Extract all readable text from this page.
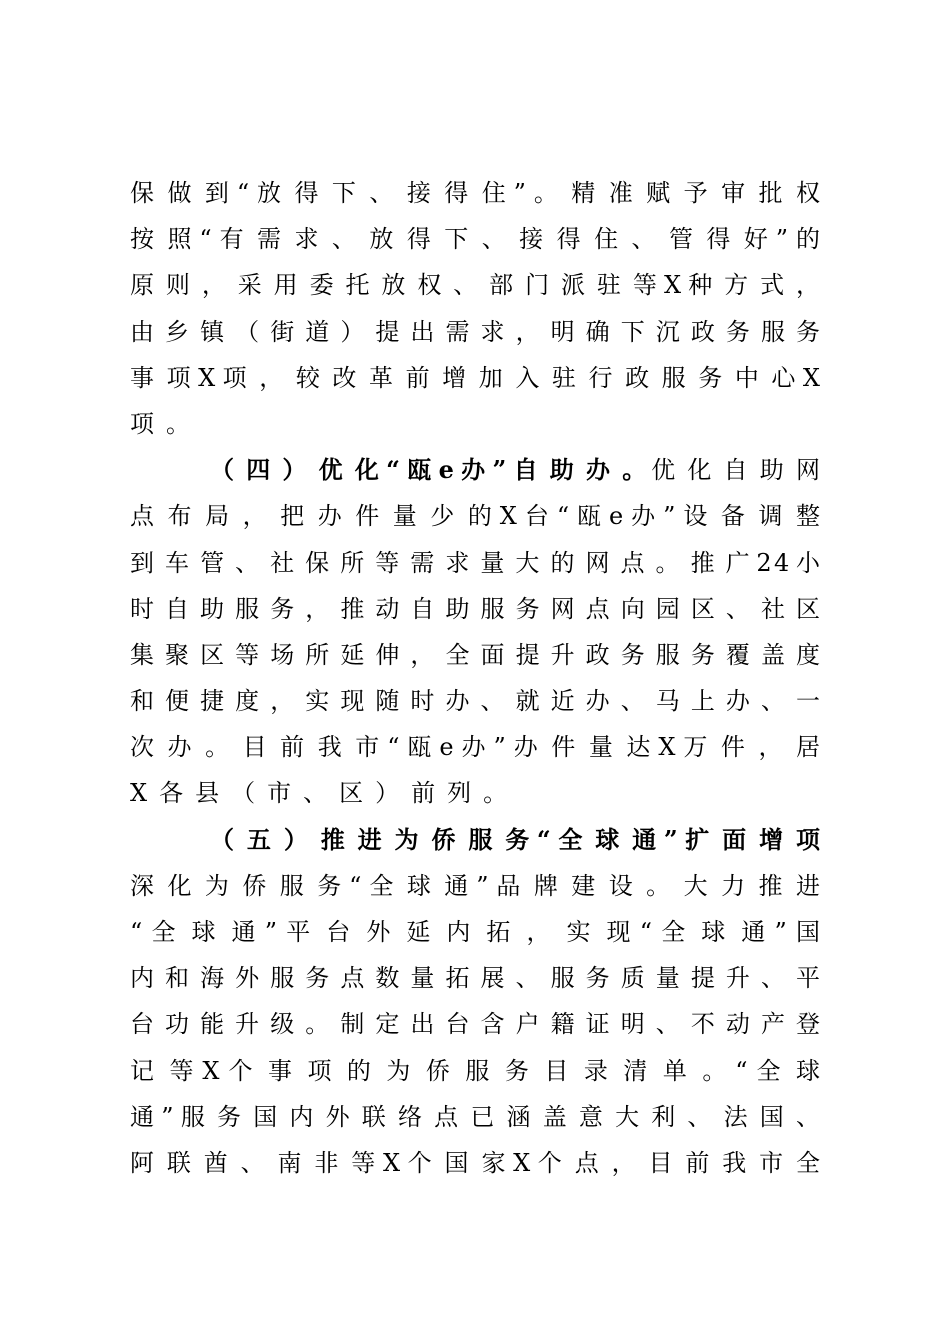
保 做 到 “ 放 得 下 、 接 得 住 ” 。 精 准 赋 予 审 批 权
按 照 “ 有 需 求 、 放 得 下 、 接 得 住 、 管 得 好 ” 的
原 则 ， 采 用 委 托 放 权 、 部 门 派 驻 等 X 种 方 式 ，
由 乡 镇 （ 街 道 ） 提 出 需 求 ， 明 确 下 沉 政 务 服 务
事 项 X 项 ， 较 改 革 前 增 加 入 驻 行 政 服 务 中 心 X
项。
（ 四 ） 优 化 “ 瓯 e 办 ” 自 助 办 。优 化 自 助 网
点 布 局 ， 把 办 件 量 少 的 X 台 “ 瓯 e 办 ” 设 备 调 整
到 车 管 、 社 保 所 等 需 求 量 大 的 网 点 。 推 广 2 4 小
时 自 助 服 务 ， 推 动 自 助 服 务 网 点 向 园 区 、 社 区
集 聚 区 等 场 所 延 伸 ， 全 面 提 升 政 务 服 务 覆 盖 度
和 便 捷 度 ， 实 现 随 时 办 、 就 近 办 、 马 上 办 、 一
次 办 。 目 前 我 市 “ 瓯 e 办 ” 办 件 量 达 X 万 件 ， 居
X各县（市、区）前列。
（ 五 ） 推 进 为 侨 服 务 “ 全 球 通 ” 扩 面 增 项
深 化 为 侨 服 务 “ 全 球 通 ” 品 牌 建 设 。 大 力 推 进
“ 全 球 通 ” 平 台 外 延 内 拓 ， 实 现 “ 全 球 通 ” 国
内 和 海 外 服 务 点 数 量 拓 展 、 服 务 质 量 提 升 、 平
台 功 能 升 级 。 制 定 出 台 含 户 籍 证 明 、 不 动 产 登
记 等 X 个 事 项 的 为 侨 服 务 目 录 清 单 。 “ 全 球
通 ” 服 务 国 内 外 联 络 点 已 涵 盖 意 大 利 、 法 国 、
阿 联 酋 、 南 非 等 X 个 国 家 X 个 点 ， 目 前 我 市 全
